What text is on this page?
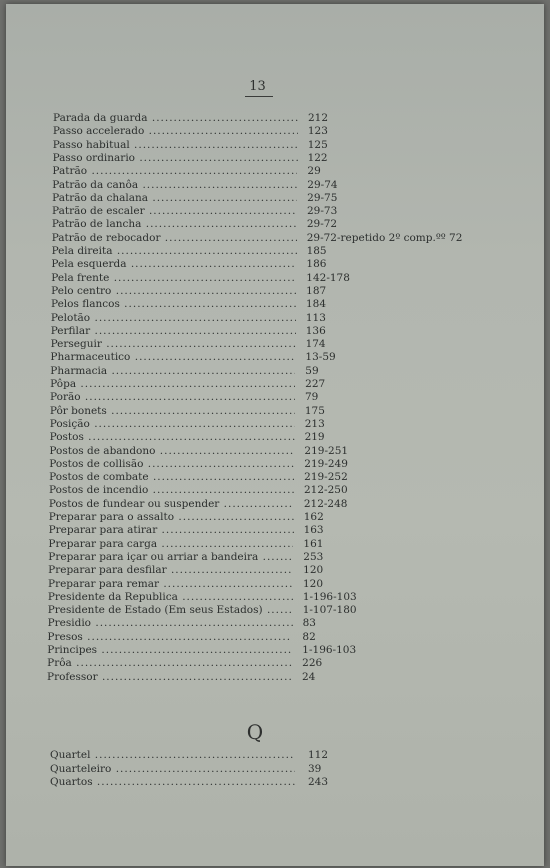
13
Parada da guarda .....	212
Passo accelerado .....	123
Passo habitual .....	125
Passo ordinario .....	122
Patrão .....	29
Patrão da canôa .....	29-74
Patrão da chalana .....	29-75
Patrão de escaler .....	29-73
Patrão de lancha .....	29-72
Patrão de rebocador .....	29-72-repetido 2º comp.ºº 72
Pela direita .....	185
Pela esquerda .....	186
Pela frente .....	142-178
Pelo centro .....	187
Pelos flancos .....	184
Pelotão .....	113
Perfilar .....	136
Perseguir .....	174
Pharmaceutico .....	13-59
Pharmacia .....	59
Pôpa .....	227
Porão .....	79
Pôr bonets .....	175
Posição .....	213
Postos .....	219
Postos de abandono .....	219-251
Postos de collisão .....	219-249
Postos de combate .....	219-252
Postos de incendio .....	212-250
Postos de fundear ou suspender .....	212-248
Preparar para o assalto .....	162
Preparar para atirar .....	163
Preparar para carga .....	161
Preparar para içar ou arriar a bandeira .....	253
Preparar para desfilar .....	120
Preparar para remar .....	120
Presidente da Republica .....	1-196-103
Presidente de Estado (Em seus Estados) .....	1-107-180
Presidio .....	83
Presos .....	82
Principes .....	1-196-103
Prôa .....	226
Professor .....	24
Quartel .....	112
Quarteleiro .....	39
Quartos .....	243
Q
